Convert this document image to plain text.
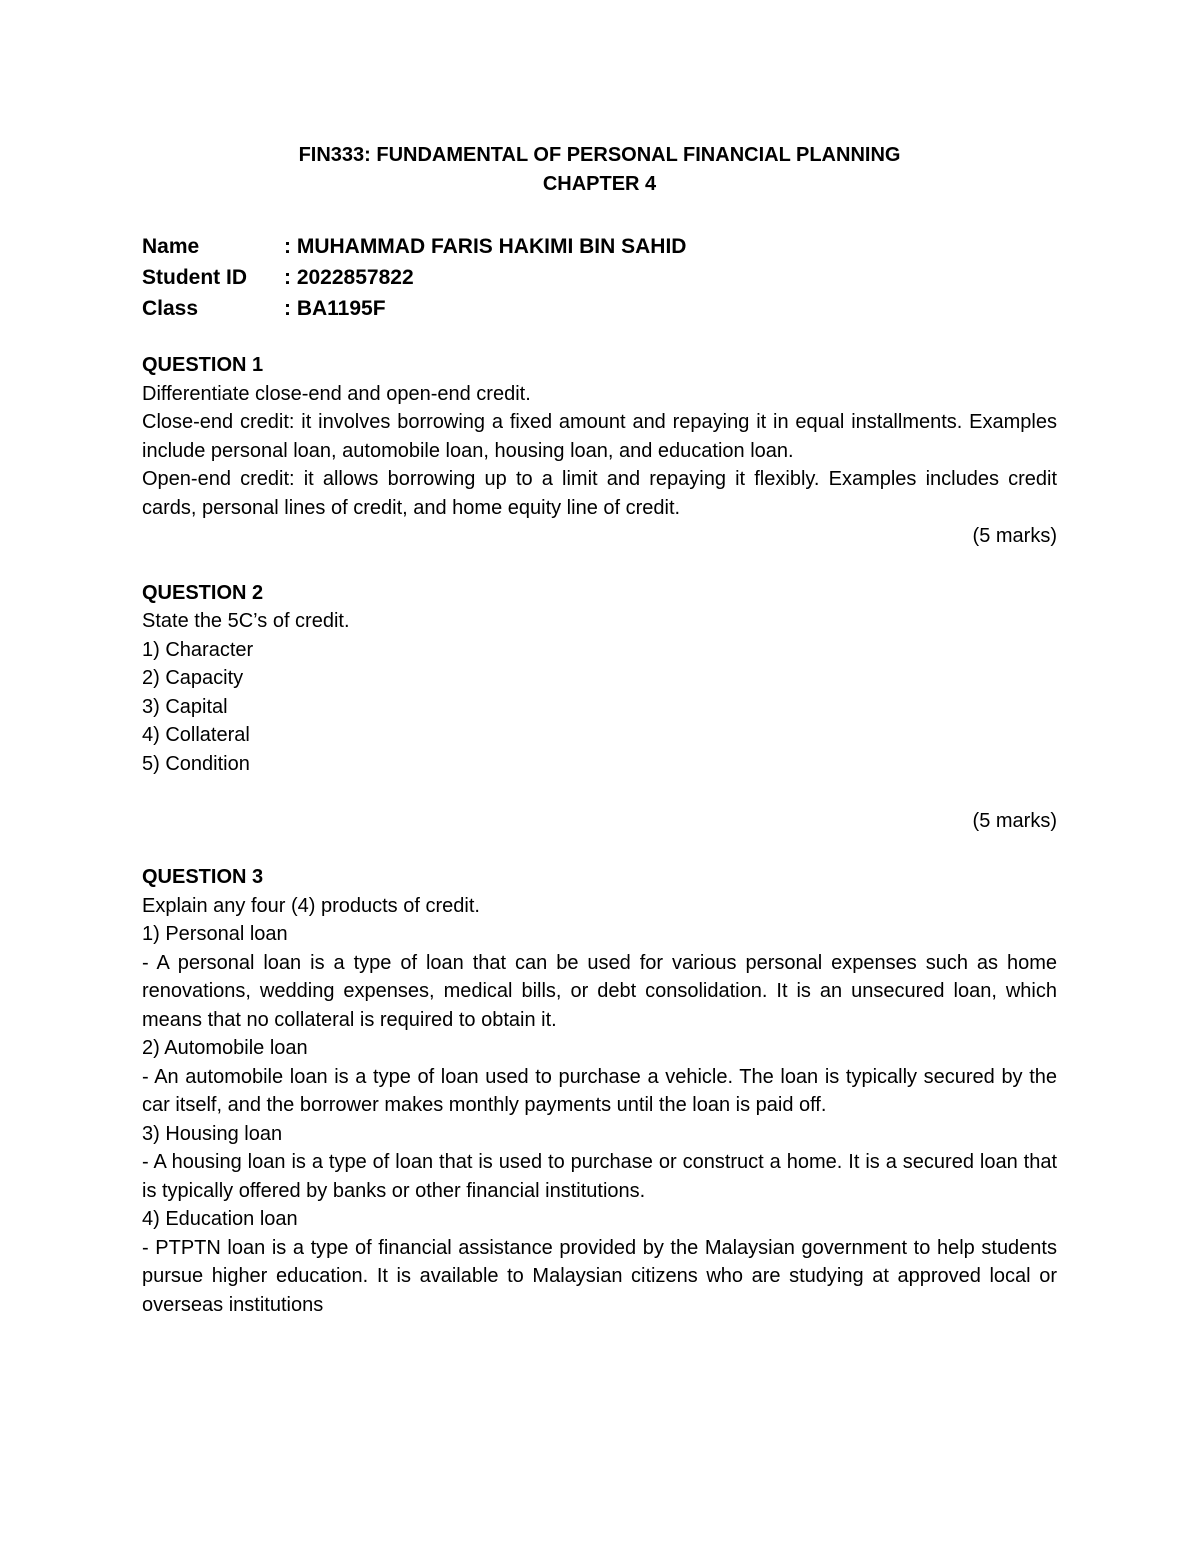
FIN333: FUNDAMENTAL OF PERSONAL FINANCIAL PLANNING

CHAPTER 4

Name	: MUHAMMAD FARIS HAKIMI BIN SAHID
Student ID	: 2022857822
Class	: BA1195F

QUESTION 1

Differentiate close-end and open-end credit.

Close-end credit: it involves borrowing a fixed amount and repaying it in equal installments. Examples include personal loan, automobile loan, housing loan, and education loan.

Open-end credit: it allows borrowing up to a limit and repaying it flexibly. Examples includes credit cards, personal lines of credit, and home equity line of credit.

(5 marks)

QUESTION 2

State the 5C’s of credit.

1) Character

2) Capacity

3) Capital

4) Collateral

5) Condition

(5 marks)

QUESTION 3

Explain any four (4) products of credit.

1) Personal loan

- A personal loan is a type of loan that can be used for various personal expenses such as home renovations, wedding expenses, medical bills, or debt consolidation. It is an unsecured loan, which means that no collateral is required to obtain it.

2) Automobile loan

- An automobile loan is a type of loan used to purchase a vehicle. The loan is typically secured by the car itself, and the borrower makes monthly payments until the loan is paid off.

3) Housing loan

- A housing loan is a type of loan that is used to purchase or construct a home. It is a secured loan that is typically offered by banks or other financial institutions.

4) Education loan

- PTPTN loan is a type of financial assistance provided by the Malaysian government to help students pursue higher education. It is available to Malaysian citizens who are studying at approved local or overseas institutions
